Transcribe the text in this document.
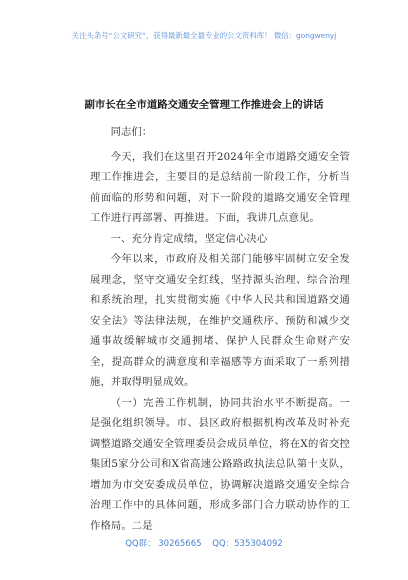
关注头条号“公文研究”，获得最新最全最专业的公文资料库！ 微信：gongwenyj
副市长在全市道路交通安全管理工作推进会上的讲话

同志们：

今天，我们在这里召开2024年全市道路交通安全管理工作推进会，主要目的是总结前一阶段工作，分析当前面临的形势和问题，对下一阶段的道路交通安全管理工作进行再部署、再推进。下面，我讲几点意见。

一、充分肯定成绩，坚定信心决心

今年以来，市政府及相关部门能够牢固树立安全发展理念，坚守交通安全红线，坚持源头治理、综合治理和系统治理，扎实贯彻实施《中华人民共和国道路交通安全法》等法律法规，在维护交通秩序、预防和减少交通事故缓解城市交通拥堵、保护人民群众生命财产安全，提高群众的满意度和幸福感等方面采取了一系列措施，并取得明显成效。

（一）完善工作机制，协同共治水平不断提高。一是强化组织领导。市、县区政府根据机构改革及时补充调整道路交通安全管理委员会成员单位，将在X的省交控集团5家分公司和X省高速公路路政执法总队第十支队，增加为市交安委成员单位，协调解决道路交通安全综合治理工作中的具体问题，形成多部门合力联动协作的工作格局。二是

QQ群： 30265665 QQ：535304092
